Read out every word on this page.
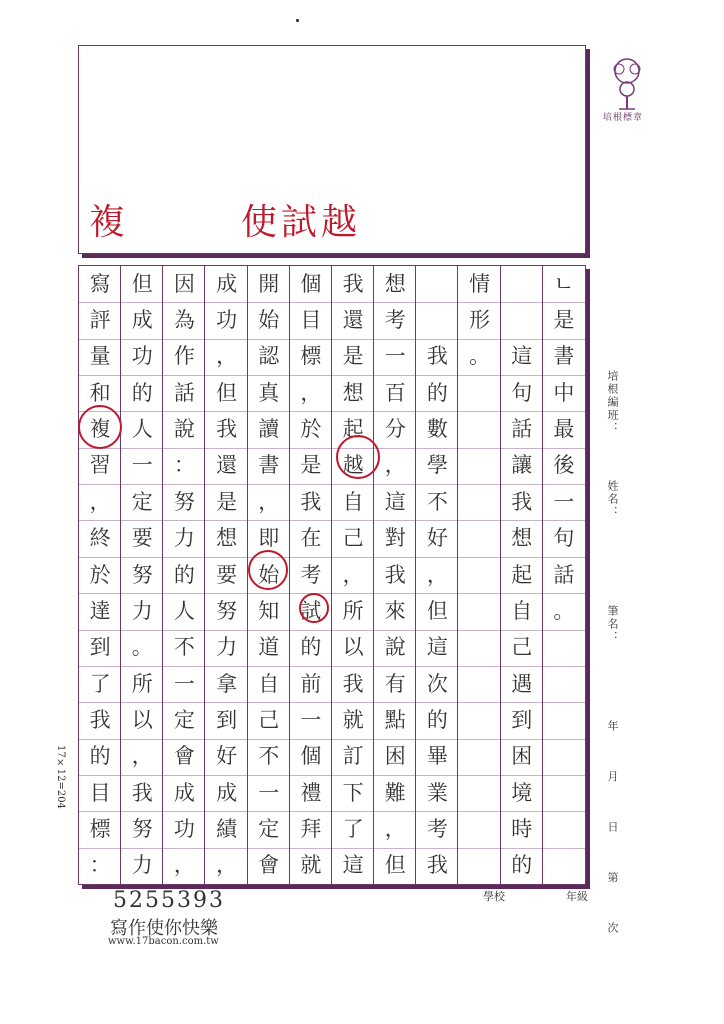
複	使試越
培根標章
ㄴ
是
書
中
最
後
一
句
話
。
這
句
話
讓
我
想
起
自
己
遇
到
困
境
時
的
情
形
。
我
的
數
學
不
好
，
但
這
次
的
畢
業
考
我
想
考
一
百
分
，
這
對
我
來
說
有
點
困
難
，
但
我
還
是
想
起
越
自
己
，
所
以
我
就
訂
下
了
這
個
目
標
，
於
是
我
在
考
試
的
前
一
個
禮
拜
就
開
始
認
真
讀
書
，
即
始
知
道
自
己
不
一
定
會
成
功
，
但
我
還
是
想
要
努
力
拿
到
好
成
績
，
因
為
作
話
說
：
努
力
的
人
不
一
定
會
成
功
，
但
成
功
的
人
一
定
要
努
力
。
所
以
，
我
努
力
寫
評
量
和
複
習
，
終
於
達
到
了
我
的
目
標
：
培根編班：
姓名：
筆名：
年 月 日 第 次
17×12=204
學校	年級
5255393
寫作使你快樂
www.17bacon.com.tw
